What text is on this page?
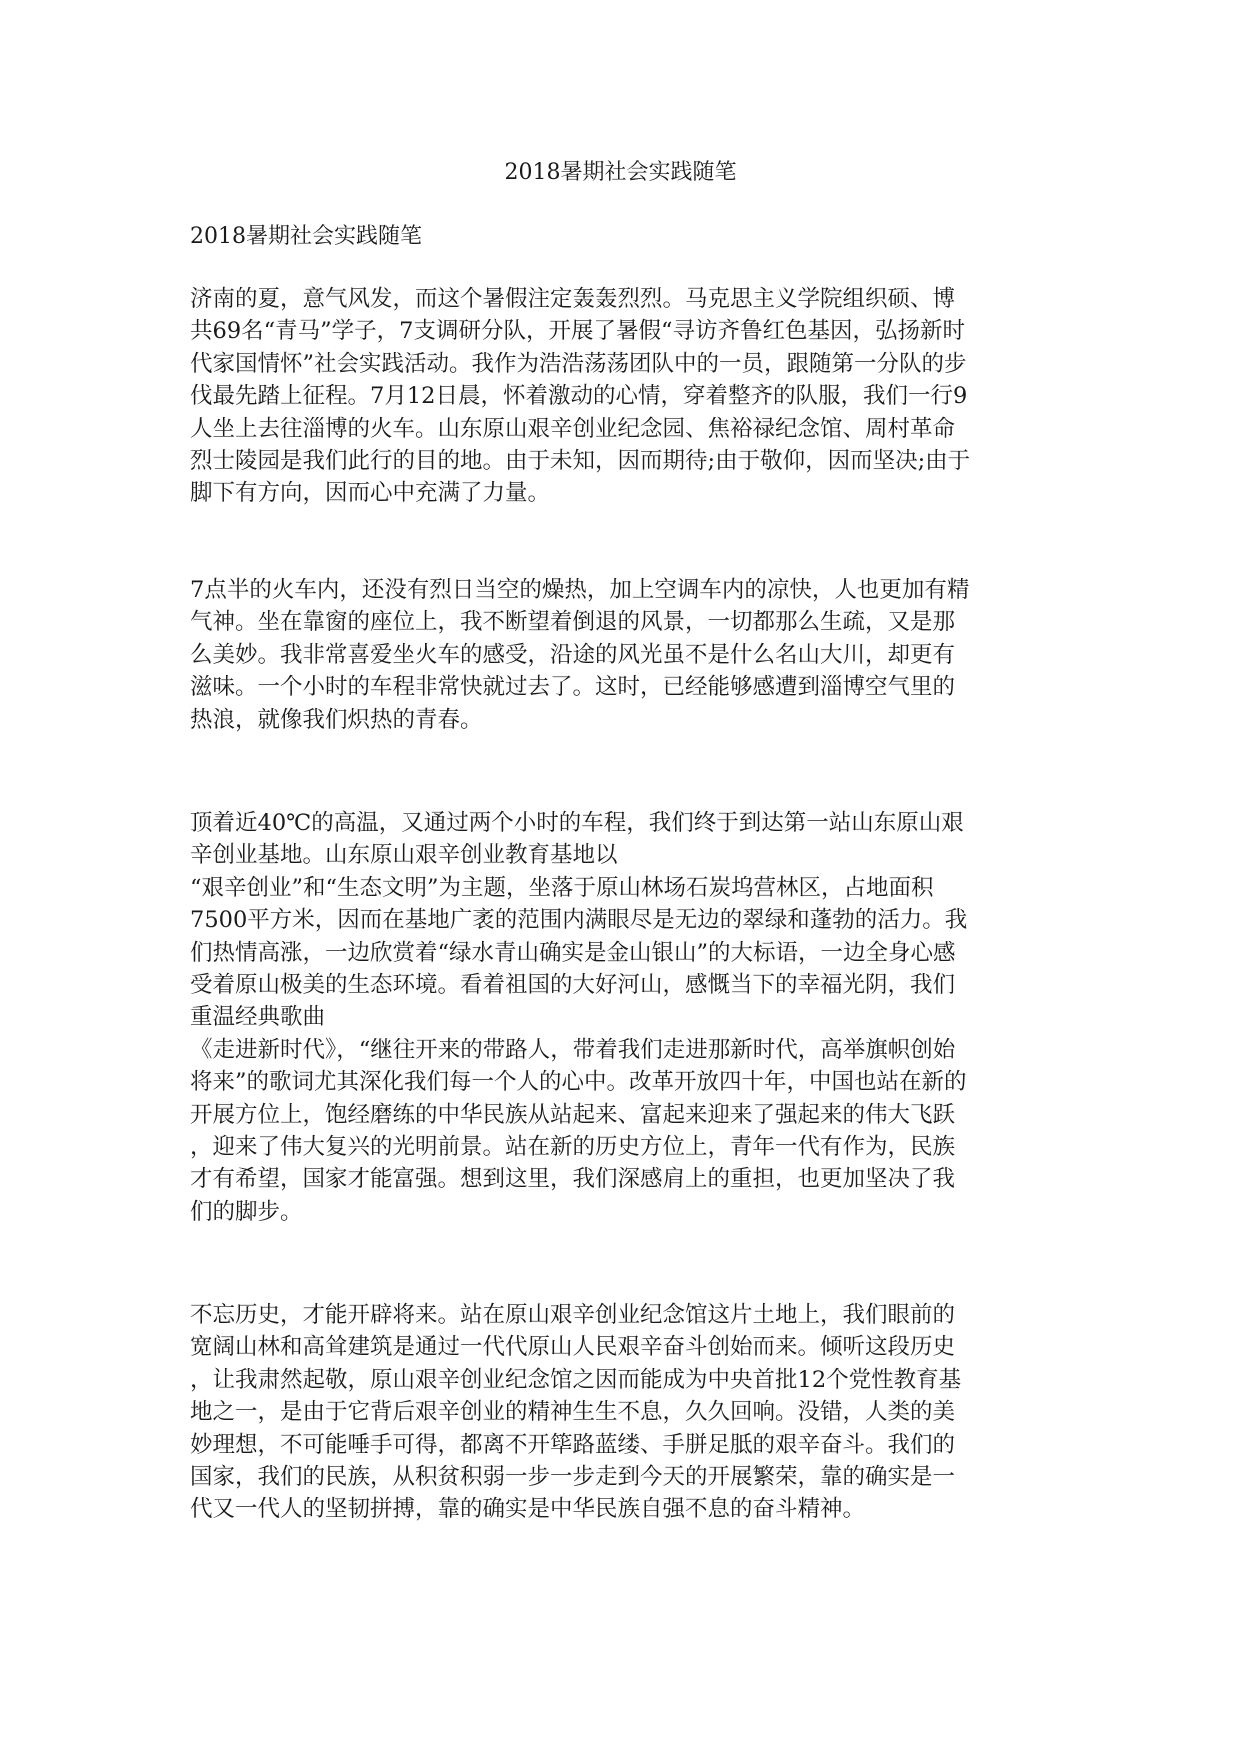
2018暑期社会实践随笔
2018暑期社会实践随笔
济南的夏，意气风发，而这个暑假注定轰轰烈烈。马克思主义学院组织硕、博
共69名“青马”学子，7支调研分队，开展了暑假“寻访齐鲁红色基因，弘扬新时
代家国情怀”社会实践活动。我作为浩浩荡荡团队中的一员，跟随第一分队的步
伐最先踏上征程。7月12日晨，怀着激动的心情，穿着整齐的队服，我们一行9
人坐上去往淄博的火车。山东原山艰辛创业纪念园、焦裕禄纪念馆、周村革命
烈士陵园是我们此行的目的地。由于未知，因而期待;由于敬仰，因而坚决;由于
脚下有方向，因而心中充满了力量。
7点半的火车内，还没有烈日当空的燥热，加上空调车内的凉快，人也更加有精
气神。坐在靠窗的座位上，我不断望着倒退的风景，一切都那么生疏，又是那
么美妙。我非常喜爱坐火车的感受，沿途的风光虽不是什么名山大川，却更有
滋味。一个小时的车程非常快就过去了。这时，已经能够感遭到淄博空气里的
热浪，就像我们炽热的青春。
顶着近40℃的高温，又通过两个小时的车程，我们终于到达第一站山东原山艰
辛创业基地。山东原山艰辛创业教育基地以
“艰辛创业”和“生态文明”为主题，坐落于原山林场石炭坞营林区，占地面积
7500平方米，因而在基地广袤的范围内满眼尽是无边的翠绿和蓬勃的活力。我
们热情高涨，一边欣赏着“绿水青山确实是金山银山”的大标语，一边全身心感
受着原山极美的生态环境。看着祖国的大好河山，感慨当下的幸福光阴，我们
重温经典歌曲
《走进新时代》，“继往开来的带路人，带着我们走进那新时代，高举旗帜创始
将来”的歌词尤其深化我们每一个人的心中。改革开放四十年，中国也站在新的
开展方位上，饱经磨练的中华民族从站起来、富起来迎来了强起来的伟大飞跃
，迎来了伟大复兴的光明前景。站在新的历史方位上，青年一代有作为，民族
才有希望，国家才能富强。想到这里，我们深感肩上的重担，也更加坚决了我
们的脚步。
不忘历史，才能开辟将来。站在原山艰辛创业纪念馆这片土地上，我们眼前的
宽阔山林和高耸建筑是通过一代代原山人民艰辛奋斗创始而来。倾听这段历史
，让我肃然起敬，原山艰辛创业纪念馆之因而能成为中央首批12个党性教育基
地之一，是由于它背后艰辛创业的精神生生不息，久久回响。没错，人类的美
妙理想，不可能唾手可得，都离不开筚路蓝缕、手胼足胝的艰辛奋斗。我们的
国家，我们的民族，从积贫积弱一步一步走到今天的开展繁荣，靠的确实是一
代又一代人的坚韧拼搏，靠的确实是中华民族自强不息的奋斗精神。
